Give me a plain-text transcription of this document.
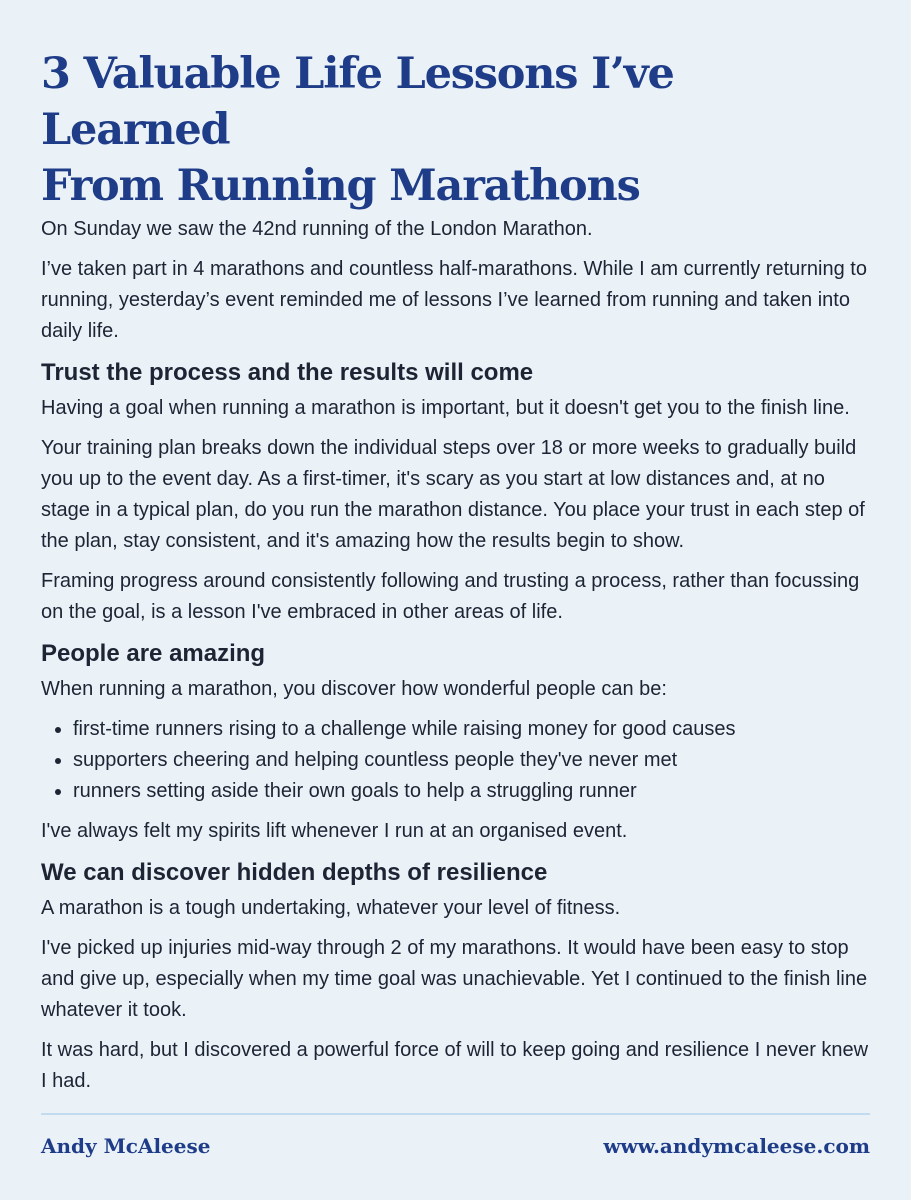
3 Valuable Life Lessons I’ve Learned
From Running Marathons

On Sunday we saw the 42nd running of the London Marathon.

I’ve taken part in 4 marathons and countless half-marathons. While I am currently returning to running, yesterday’s event reminded me of lessons I’ve learned from running and taken into daily life.

Trust the process and the results will come

Having a goal when running a marathon is important, but it doesn't get you to the finish line.

Your training plan breaks down the individual steps over 18 or more weeks to gradually build you up to the event day. As a first-timer, it's scary as you start at low distances and, at no stage in a typical plan, do you run the marathon distance. You place your trust in each step of the plan, stay consistent, and it's amazing how the results begin to show.

Framing progress around consistently following and trusting a process, rather than focussing on the goal, is a lesson I've embraced in other areas of life.

People are amazing

When running a marathon, you discover how wonderful people can be:

• first-time runners rising to a challenge while raising money for good causes
• supporters cheering and helping countless people they've never met
• runners setting aside their own goals to help a struggling runner

I've always felt my spirits lift whenever I run at an organised event.

We can discover hidden depths of resilience

A marathon is a tough undertaking, whatever your level of fitness.

I've picked up injuries mid-way through 2 of my marathons. It would have been easy to stop and give up, especially when my time goal was unachievable. Yet I continued to the finish line whatever it took.

It was hard, but I discovered a powerful force of will to keep going and resilience I never knew I had.

Andy McAleese	www.andymcaleese.com
